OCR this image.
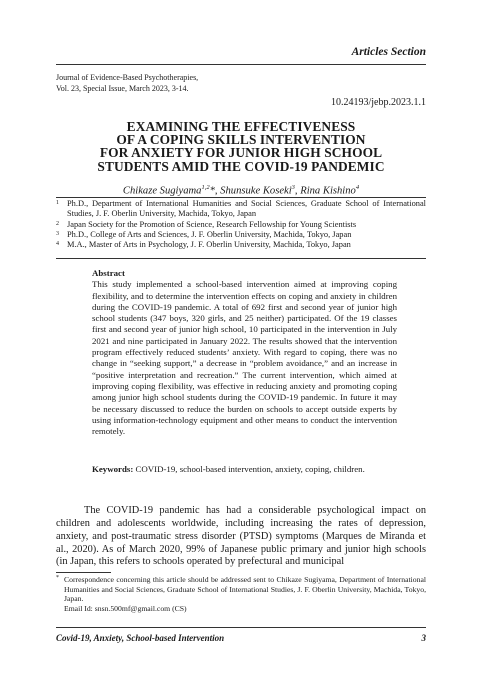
Articles Section
Journal of Evidence-Based Psychotherapies,
Vol. 23, Special Issue, March 2023, 3-14.
10.24193/jebp.2023.1.1
EXAMINING THE EFFECTIVENESS
OF A COPING SKILLS INTERVENTION
FOR ANXIETY FOR JUNIOR HIGH SCHOOL
STUDENTS AMID THE COVID-19 PANDEMIC
Chikaze Sugiyama$^{1,2}$*, Shunsuke Koseki$^3$, Rina Kishino$^4$
1 Ph.D., Department of International Humanities and Social Sciences, Graduate School of International Studies, J. F. Oberlin University, Machida, Tokyo, Japan
2 Japan Society for the Promotion of Science, Research Fellowship for Young Scientists
3 Ph.D., College of Arts and Sciences, J. F. Oberlin University, Machida, Tokyo, Japan
4 M.A., Master of Arts in Psychology, J. F. Oberlin University, Machida, Tokyo, Japan
Abstract
This study implemented a school-based intervention aimed at improving coping flexibility, and to determine the intervention effects on coping and anxiety in children during the COVID-19 pandemic. A total of 692 first and second year of junior high school students (347 boys, 320 girls, and 25 neither) participated. Of the 19 classes first and second year of junior high school, 10 participated in the intervention in July 2021 and nine participated in January 2022. The results showed that the intervention program effectively reduced students’ anxiety. With regard to coping, there was no change in “seeking support,” a decrease in “problem avoidance,” and an increase in “positive interpretation and recreation.” The current intervention, which aimed at improving coping flexibility, was effective in reducing anxiety and promoting coping among junior high school students during the COVID-19 pandemic. In future it may be necessary discussed to reduce the burden on schools to accept outside experts by using information-technology equipment and other means to conduct the intervention remotely.
Keywords: COVID-19, school-based intervention, anxiety, coping, children.
The COVID-19 pandemic has had a considerable psychological impact on children and adolescents worldwide, including increasing the rates of depression, anxiety, and post-traumatic stress disorder (PTSD) symptoms (Marques de Miranda et al., 2020). As of March 2020, 99% of Japanese public primary and junior high schools (in Japan, this refers to schools operated by prefectural and municipal
* Correspondence concerning this article should be addressed sent to Chikaze Sugiyama, Department of International Humanities and Social Sciences, Graduate School of International Studies, J. F. Oberlin University, Machida, Tokyo, Japan.
Email Id: snsn.500mf@gmail.com (CS)
Covid-19, Anxiety, School-based Intervention	3
